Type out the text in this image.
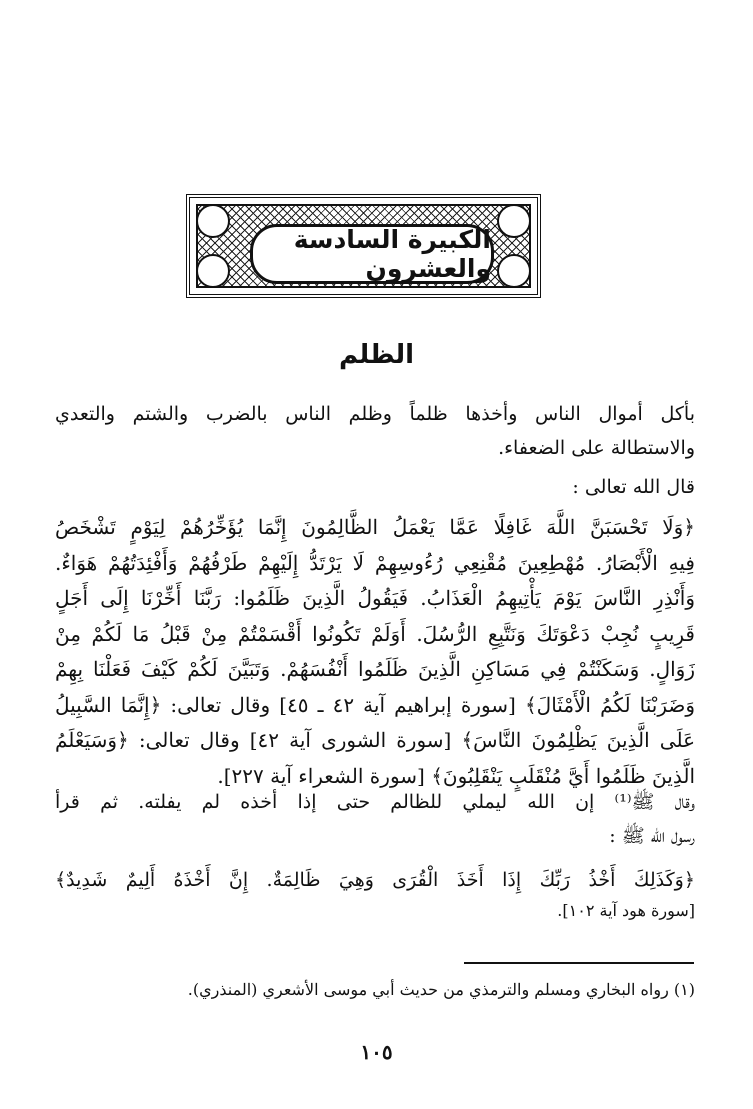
الكبيرة السادسة والعشرون
الظلم
بأكل أموال الناس وأخذها ظلماً وظلم الناس بالضرب والشتم والتعدي
والاستطالة على الضعفاء.
قال الله تعالى :
﴿وَلَا تَحْسَبَنَّ اللَّهَ غَافِلًا عَمَّا يَعْمَلُ الظَّالِمُونَ إِنَّمَا يُؤَخِّرُهُمْ لِيَوْمٍ تَشْخَصُ
فِيهِ الْأَبْصَارُ. مُهْطِعِينَ مُقْنِعِي رُءُوسِهِمْ لَا يَرْتَدُّ إِلَيْهِمْ طَرْفُهُمْ وَأَفْئِدَتُهُمْ هَوَاءٌ.
وَأَنْذِرِ النَّاسَ يَوْمَ يَأْتِيهِمُ الْعَذَابُ. فَيَقُولُ الَّذِينَ ظَلَمُوا: رَبَّنَا أَخِّرْنَا إِلَى أَجَلٍ
قَرِيبٍ نُجِبْ دَعْوَتَكَ وَنَتَّبِعِ الرُّسُلَ. أَوَلَمْ تَكُونُوا أَقْسَمْتُمْ مِنْ قَبْلُ مَا لَكُمْ مِنْ
زَوَالٍ. وَسَكَنْتُمْ فِي مَسَاكِنِ الَّذِينَ ظَلَمُوا أَنْفُسَهُمْ. وَتَبَيَّنَ لَكُمْ كَيْفَ فَعَلْنَا بِهِمْ
وَضَرَبْنَا لَكُمُ الْأَمْثَالَ﴾ [سورة إبراهيم آية ٤٢ ـ ٤٥] وقال تعالى: ﴿إِنَّمَا السَّبِيلُ
عَلَى الَّذِينَ يَظْلِمُونَ النَّاسَ﴾ [سورة الشورى آية ٤٢] وقال تعالى: ﴿وَسَيَعْلَمُ
الَّذِينَ ظَلَمُوا أَيَّ مُنْقَلَبٍ يَنْقَلِبُونَ﴾ [سورة الشعراء آية ٢٢٧].
وقال ﷺ⁽¹⁾ إن الله ليملي للظالم حتى إذا أخذه لم يفلته. ثم قرأ
رسول الله ﷺ :
﴿وَكَذَلِكَ أَخْذُ رَبِّكَ إِذَا أَخَذَ الْقُرَى وَهِيَ ظَالِمَةٌ. إِنَّ أَخْذَهُ أَلِيمٌ شَدِيدٌ﴾
[سورة هود آية ١٠٢].
(١) رواه البخاري ومسلم والترمذي من حديث أبي موسى الأشعري (المنذري).
١٠٥
